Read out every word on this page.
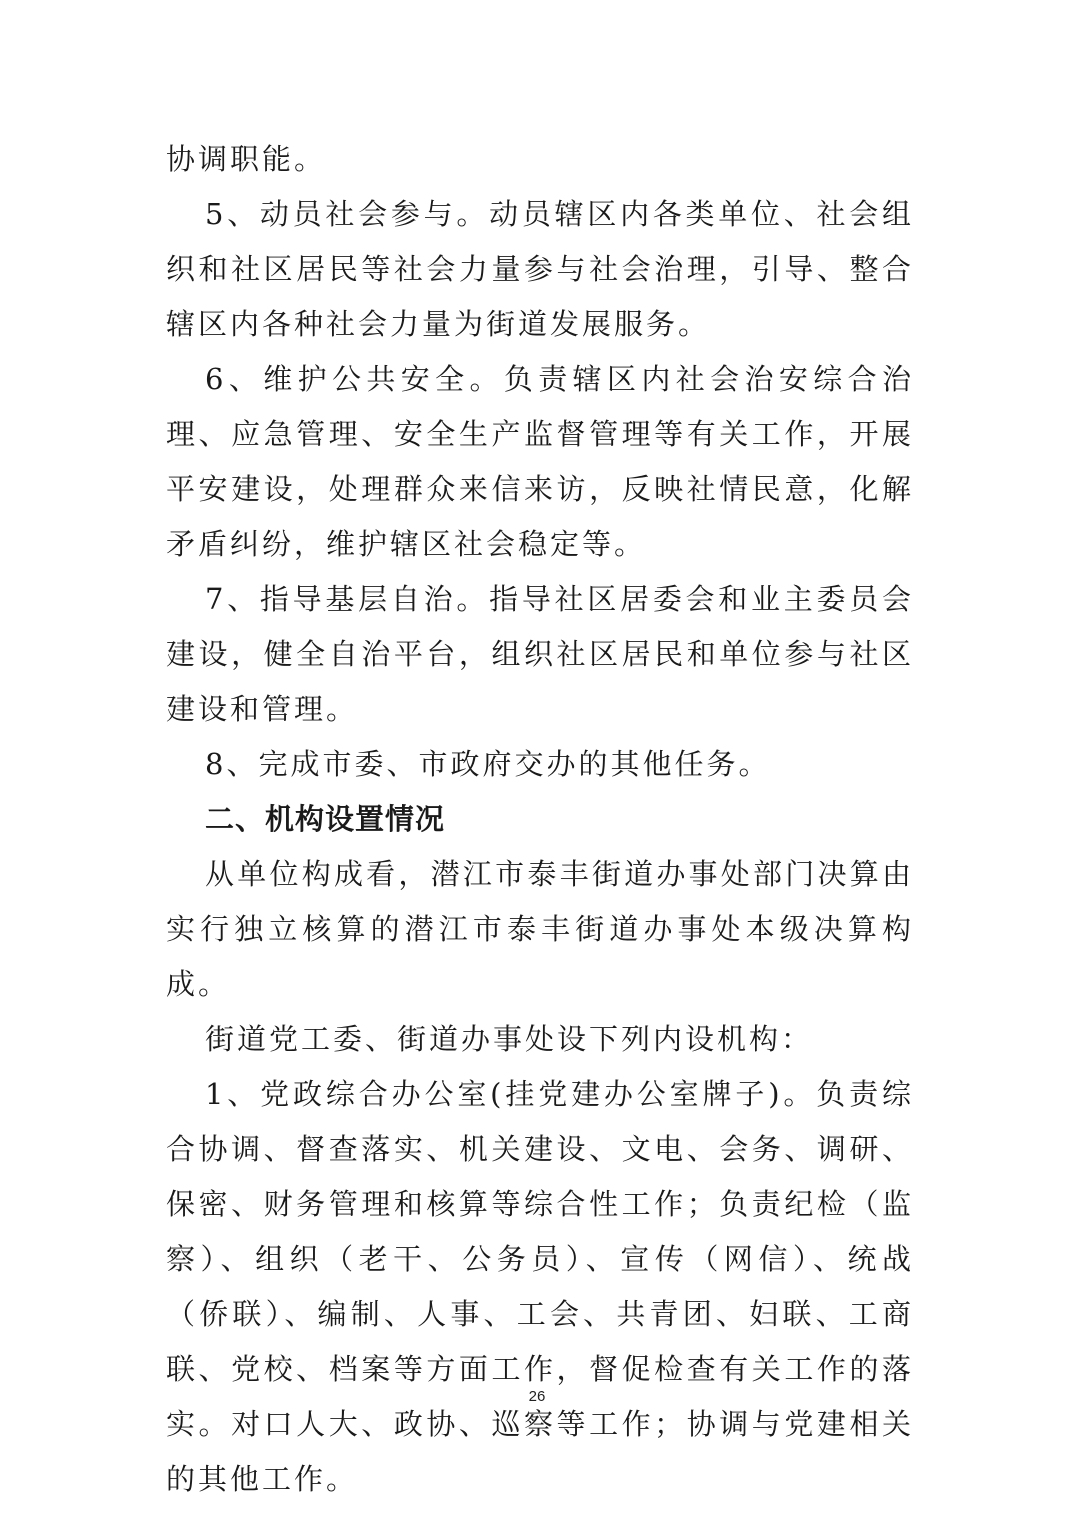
协调职能。

5、动员社会参与。动员辖区内各类单位、社会组织和社区居民等社会力量参与社会治理，引导、整合辖区内各种社会力量为街道发展服务。

6、维护公共安全。负责辖区内社会治安综合治理、应急管理、安全生产监督管理等有关工作，开展平安建设，处理群众来信来访，反映社情民意，化解矛盾纠纷，维护辖区社会稳定等。

7、指导基层自治。指导社区居委会和业主委员会建设，健全自治平台，组织社区居民和单位参与社区建设和管理。

8、完成市委、市政府交办的其他任务。

二、机构设置情况

从单位构成看，潜江市泰丰街道办事处部门决算由实行独立核算的潜江市泰丰街道办事处本级决算构成。

街道党工委、街道办事处设下列内设机构：

1、党政综合办公室(挂党建办公室牌子)。负责综合协调、督查落实、机关建设、文电、会务、调研、保密、财务管理和核算等综合性工作；负责纪检（监察）、组织（老干、公务员）、宣传（网信）、统战（侨联）、编制、人事、工会、共青团、妇联、工商联、党校、档案等方面工作，督促检查有关工作的落实。对口人大、政协、巡察等工作；协调与党建相关的其他工作。

26
